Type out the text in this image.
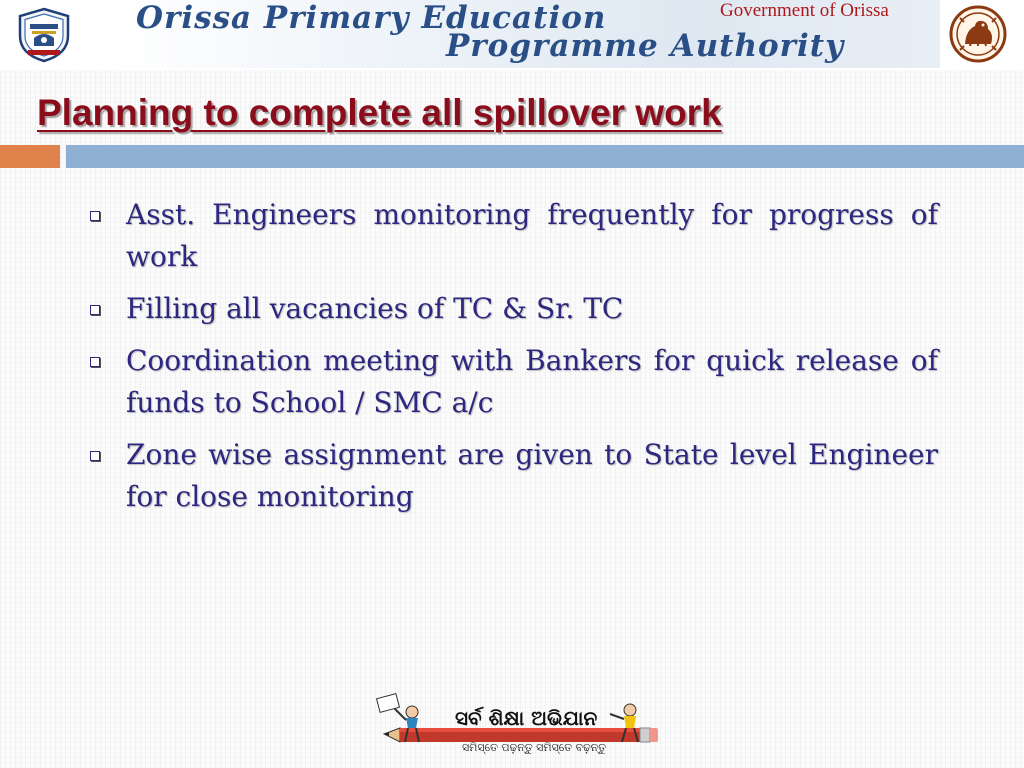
Orissa Primary Education
Programme Authority
Government of Orissa
Planning to complete all spillover work
Asst. Engineers monitoring frequently for progress of work
Filling all vacancies of TC & Sr. TC
Coordination meeting with Bankers for quick release of funds to School / SMC a/c
Zone wise assignment are given to State level Engineer for close monitoring
ସର୍ବ ଶିକ୍ଷା ଅଭିଯାନ
ସମିସ୍ତେ ପଢ଼ନ୍ତୁ ସମିସ୍ତେ ବଢ଼ନ୍ତୁ
